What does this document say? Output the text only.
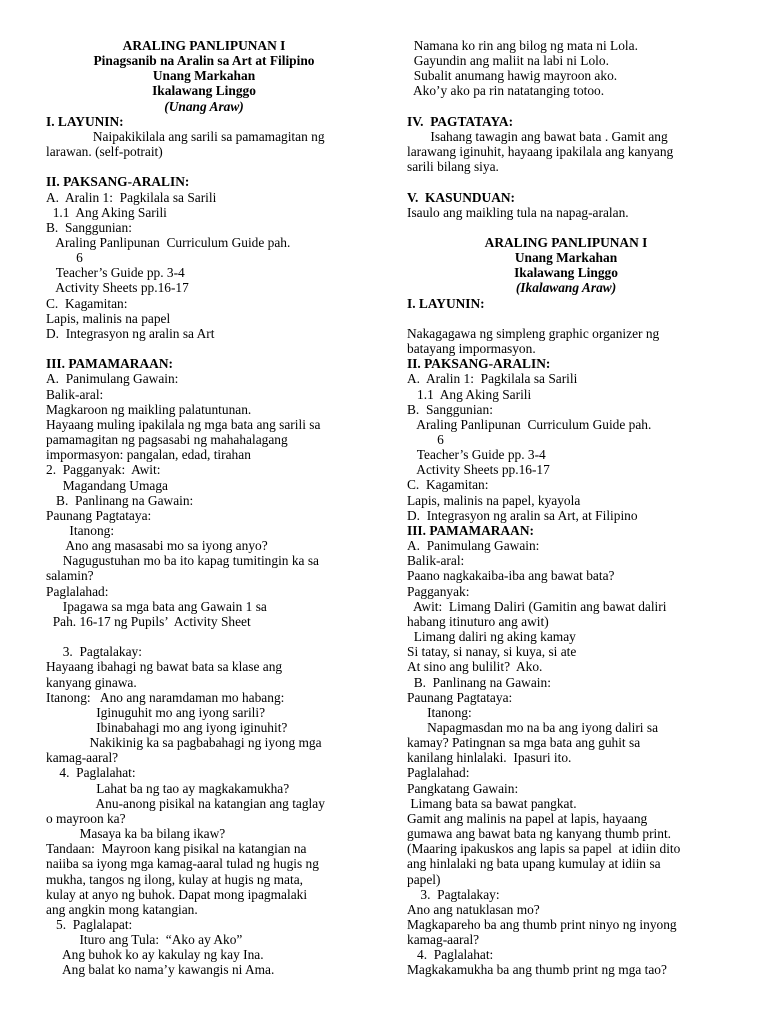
ARALING PANLIPUNAN I
Pinagsanib na Aralin sa Art at Filipino
Unang Markahan
Ikalawang Linggo
(Unang Araw)
I. LAYUNIN:
Naipakikilala ang sarili sa pamamagitan ng
larawan. (self-potrait)
II. PAKSANG-ARALIN:
A.  Aralin 1:  Pagkilala sa Sarili
1.1  Ang Aking Sarili
B.  Sanggunian:
Araling Panlipunan  Curriculum Guide pah.
6
Teacher’s Guide pp. 3-4
Activity Sheets pp.16-17
C.  Kagamitan:
Lapis, malinis na papel
D.  Integrasyon ng aralin sa Art
III. PAMAMARAAN:
A.  Panimulang Gawain:
Balik-aral:
Magkaroon ng maikling palatuntunan.
Hayaang muling ipakilala ng mga bata ang sarili sa
pamamagitan ng pagsasabi ng mahahalagang
impormasyon: pangalan, edad, tirahan
2.  Pagganyak:  Awit:
Magandang Umaga
B.  Panlinang na Gawain:
Paunang Pagtataya:
Itanong:
Ano ang masasabi mo sa iyong anyo?
Nagugustuhan mo ba ito kapag tumitingin ka sa
salamin?
Paglalahad:
Ipagawa sa mga bata ang Gawain 1 sa
Pah. 16-17 ng Pupils’  Activity Sheet
3.  Pagtalakay:
Hayaang ibahagi ng bawat bata sa klase ang
kanyang ginawa.
Itanong:   Ano ang naramdaman mo habang:
Iginuguhit mo ang iyong sarili?
Ibinabahagi mo ang iyong iginuhit?
Nakikinig ka sa pagbabahagi ng iyong mga
kamag-aaral?
4.  Paglalahat:
Lahat ba ng tao ay magkakamukha?
Anu-anong pisikal na katangian ang taglay
o mayroon ka?
Masaya ka ba bilang ikaw?
Tandaan:  Mayroon kang pisikal na katangian na
naiiba sa iyong mga kamag-aaral tulad ng hugis ng
mukha, tangos ng ilong, kulay at hugis ng mata,
kulay at anyo ng buhok. Dapat mong ipagmalaki
ang angkin mong katangian.
5.  Paglalapat:
Ituro ang Tula:  “Ako ay Ako”
Ang buhok ko ay kakulay ng kay Ina.
Ang balat ko nama’y kawangis ni Ama.
Namana ko rin ang bilog ng mata ni Lola.
Gayundin ang maliit na labi ni Lolo.
Subalit anumang hawig mayroon ako.
Ako’y ako pa rin natatanging totoo.
IV.  PAGTATAYA:
Isahang tawagin ang bawat bata . Gamit ang
larawang iginuhit, hayaang ipakilala ang kanyang
sarili bilang siya.
V.  KASUNDUAN:
Isaulo ang maikling tula na napag-aralan.
ARALING PANLIPUNAN I
Unang Markahan
Ikalawang Linggo
(Ikalawang Araw)
I. LAYUNIN:
Nakagagawa ng simpleng graphic organizer ng
batayang impormasyon.
II. PAKSANG-ARALIN:
A.  Aralin 1:  Pagkilala sa Sarili
1.1  Ang Aking Sarili
B.  Sanggunian:
Araling Panlipunan  Curriculum Guide pah.
6
Teacher’s Guide pp. 3-4
Activity Sheets pp.16-17
C.  Kagamitan:
Lapis, malinis na papel, kyayola
D.  Integrasyon ng aralin sa Art, at Filipino
III. PAMAMARAAN:
A.  Panimulang Gawain:
Balik-aral:
Paano nagkakaiba-iba ang bawat bata?
Pagganyak:
Awit:  Limang Daliri (Gamitin ang bawat daliri
habang itinuturo ang awit)
Limang daliri ng aking kamay
Si tatay, si nanay, si kuya, si ate
At sino ang bulilit?  Ako.
B.  Panlinang na Gawain:
Paunang Pagtataya:
Itanong:
Napagmasdan mo na ba ang iyong daliri sa
kamay? Patingnan sa mga bata ang guhit sa
kanilang hinlalaki.  Ipasuri ito.
Paglalahad:
Pangkatang Gawain:
Limang bata sa bawat pangkat.
Gamit ang malinis na papel at lapis, hayaang
gumawa ang bawat bata ng kanyang thumb print.
(Maaring ipakuskos ang lapis sa papel  at idiin dito
ang hinlalaki ng bata upang kumulay at idiin sa
papel)
3.  Pagtalakay:
Ano ang natuklasan mo?
Magkapareho ba ang thumb print ninyo ng inyong
kamag-aaral?
4.  Paglalahat:
Magkakamukha ba ang thumb print ng mga tao?
